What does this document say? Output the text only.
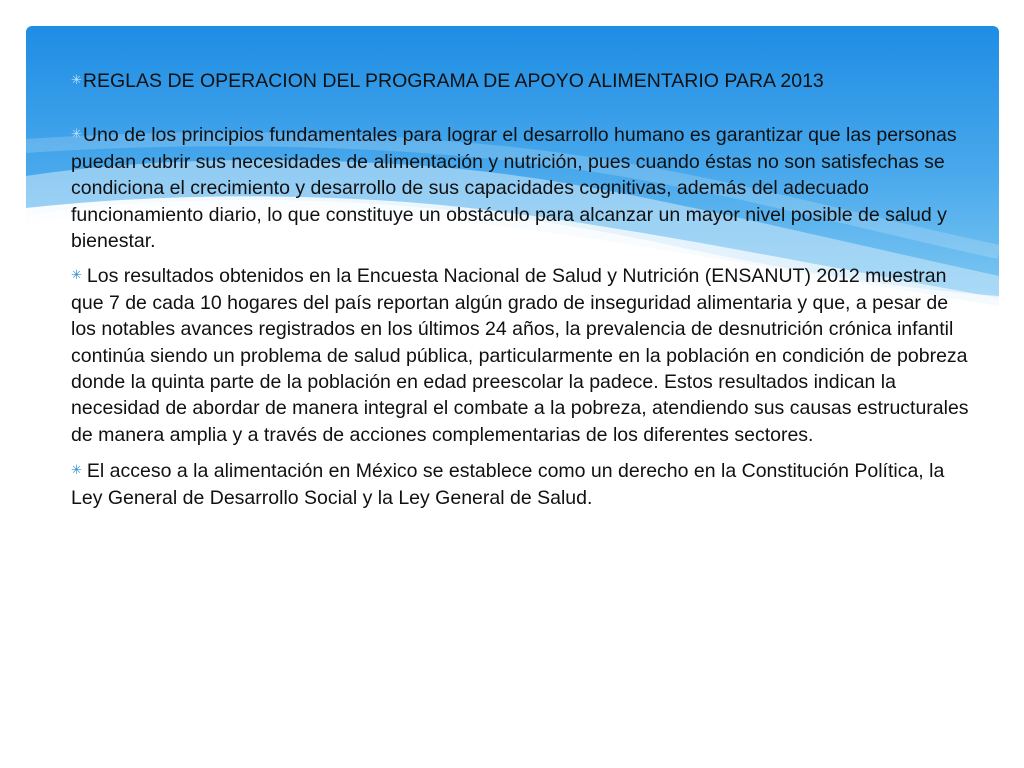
✳REGLAS DE OPERACION DEL PROGRAMA DE APOYO ALIMENTARIO PARA 2013

✳Uno de los principios fundamentales para lograr el desarrollo humano es garantizar que las personas puedan cubrir sus necesidades de alimentación y nutrición, pues cuando éstas no son satisfechas se condiciona el crecimiento y desarrollo de sus capacidades cognitivas, además del adecuado funcionamiento diario, lo que constituye un obstáculo para alcanzar un mayor nivel posible de salud y bienestar.

✳ Los resultados obtenidos en la Encuesta Nacional de Salud y Nutrición (ENSANUT) 2012 muestran que 7 de cada 10 hogares del país reportan algún grado de inseguridad alimentaria y que, a pesar de los notables avances registrados en los últimos 24 años, la prevalencia de desnutrición crónica infantil continúa siendo un problema de salud pública, particularmente en la población en condición de pobreza donde la quinta parte de la población en edad preescolar la padece. Estos resultados indican la necesidad de abordar de manera integral el combate a la pobreza, atendiendo sus causas estructurales de manera amplia y a través de acciones complementarias de los diferentes sectores.

✳ El acceso a la alimentación en México se establece como un derecho en la Constitución Política, la Ley General de Desarrollo Social y la Ley General de Salud.
